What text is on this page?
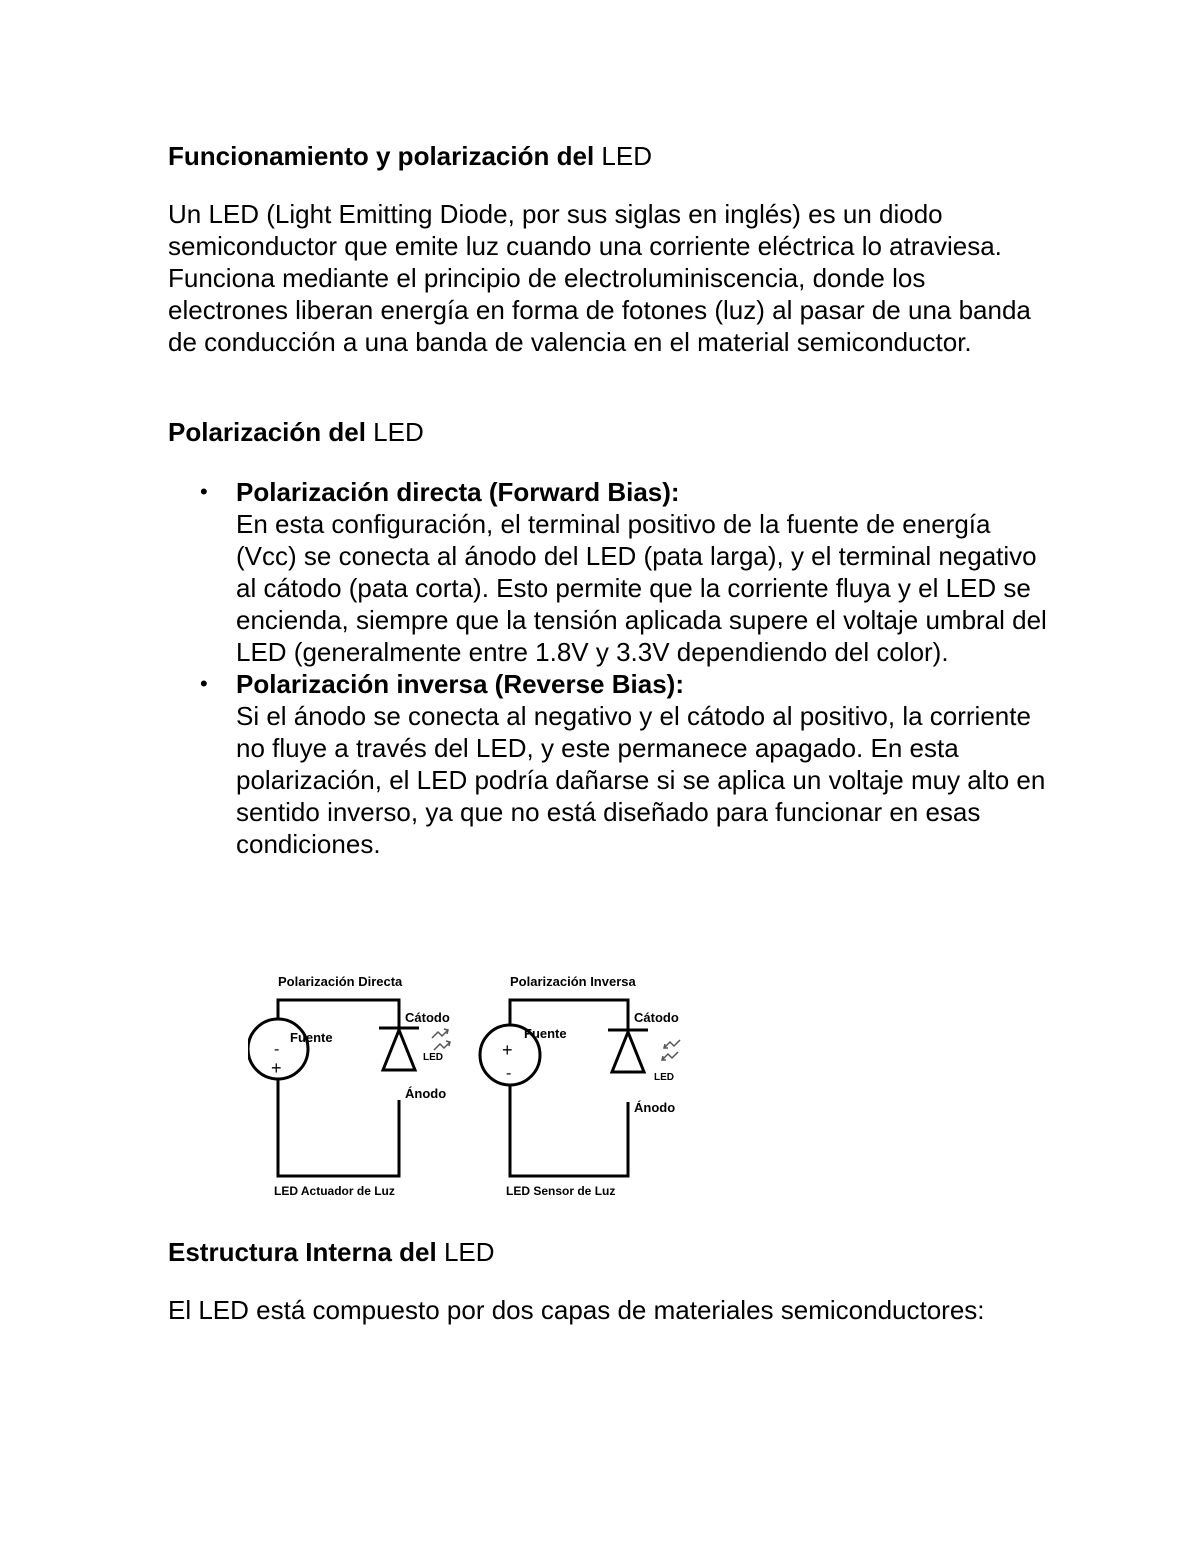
Funcionamiento y polarización del LED

Un LED (Light Emitting Diode, por sus siglas en inglés) es un diodo semiconductor que emite luz cuando una corriente eléctrica lo atraviesa. Funciona mediante el principio de electroluminiscencia, donde los electrones liberan energía en forma de fotones (luz) al pasar de una banda de conducción a una banda de valencia en el material semiconductor.

Polarización del LED
• Polarización directa (Forward Bias):
En esta configuración, el terminal positivo de la fuente de energía (Vcc) se conecta al ánodo del LED (pata larga), y el terminal negativo al cátodo (pata corta). Esto permite que la corriente fluya y el LED se encienda, siempre que la tensión aplicada supere el voltaje umbral del LED (generalmente entre 1.8V y 3.3V dependiendo del color).
• Polarización inversa (Reverse Bias):
Si el ánodo se conecta al negativo y el cátodo al positivo, la corriente no fluye a través del LED, y este permanece apagado. En esta polarización, el LED podría dañarse si se aplica un voltaje muy alto en sentido inverso, ya que no está diseñado para funcionar en esas condiciones.
Polarización Directa
Fuente
-
+
Cátodo
LED
Ánodo
LED Actuador de Luz
Polarización Inversa
Fuente
+
-
Cátodo
LED
Ánodo
LED Sensor de Luz
Estructura Interna del LED

El LED está compuesto por dos capas de materiales semiconductores:
